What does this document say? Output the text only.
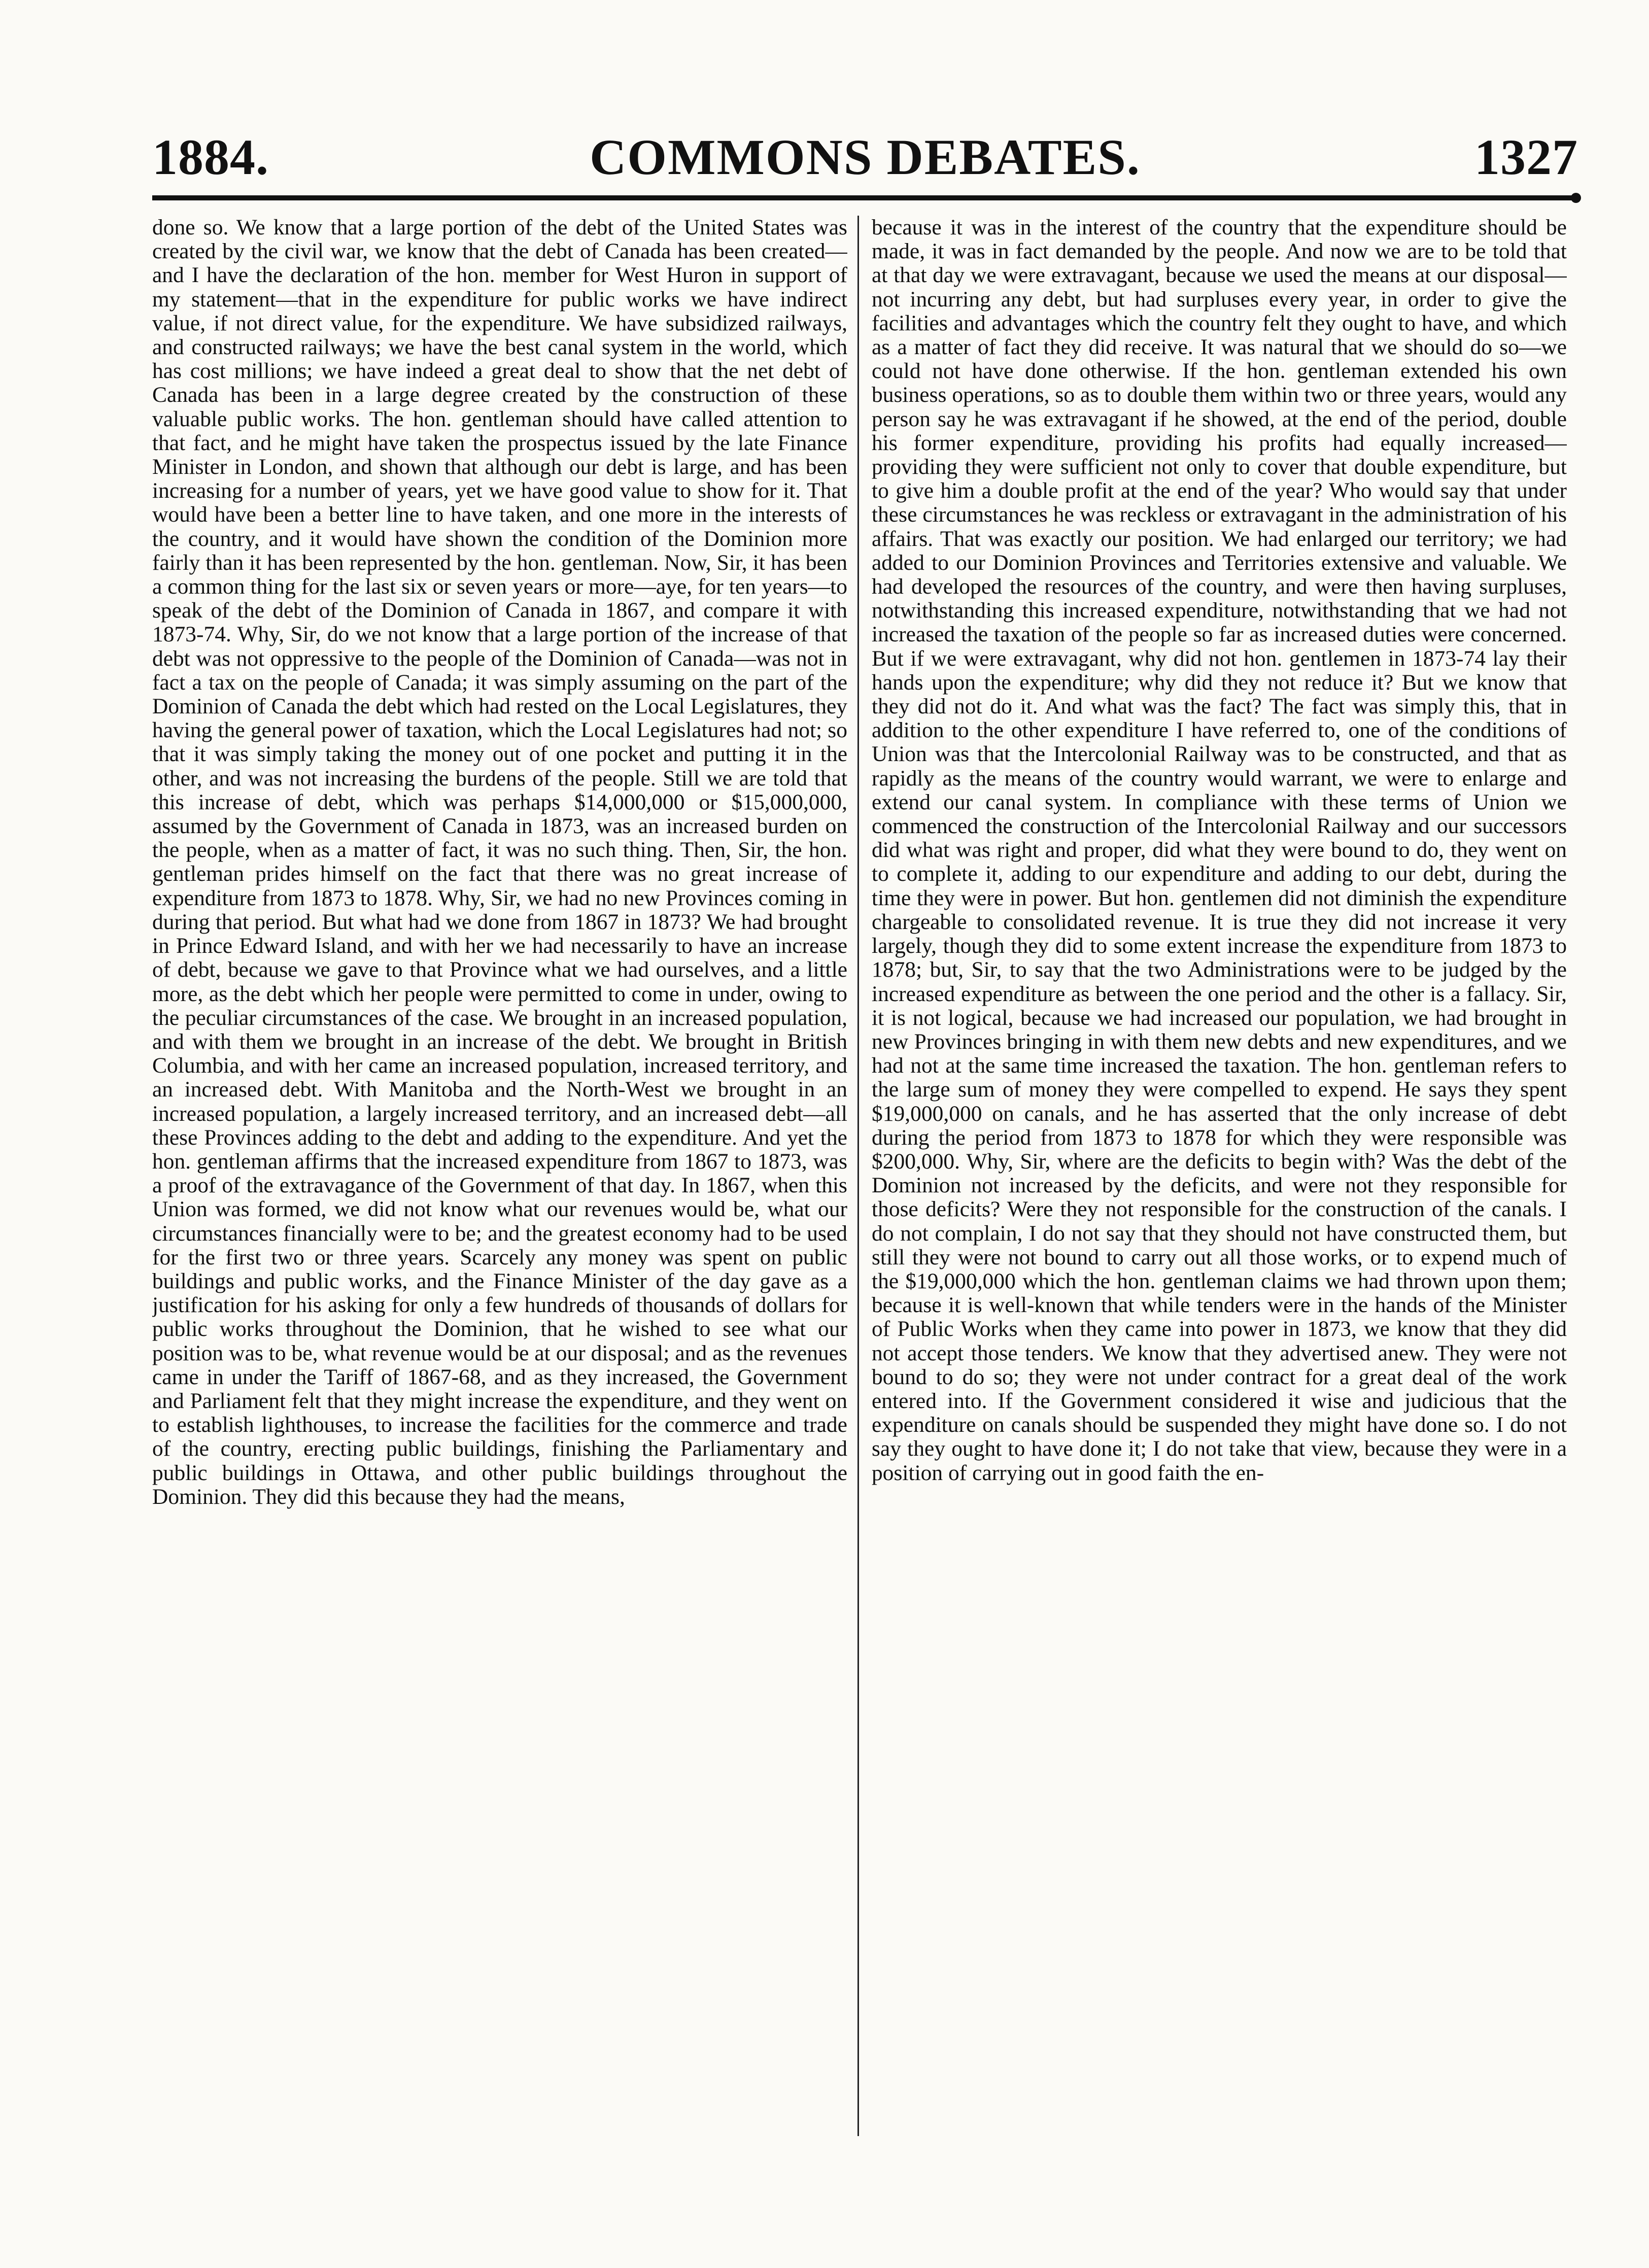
1884.	COMMONS DEBATES.	1327

done so. We know that a large portion of the debt of the United States was created by the civil war, we know that the debt of Canada has been created—and I have the declaration of the hon. member for West Huron in support of my statement—that in the expenditure for public works we have indirect value, if not direct value, for the expenditure. We have subsidized railways, and constructed railways; we have the best canal system in the world, which has cost millions; we have indeed a great deal to show that the net debt of Canada has been in a large degree created by the construction of these valuable public works. The hon. gentleman should have called attention to that fact, and he might have taken the prospectus issued by the late Finance Minister in London, and shown that although our debt is large, and has been increasing for a number of years, yet we have good value to show for it. That would have been a better line to have taken, and one more in the interests of the country, and it would have shown the condition of the Dominion more fairly than it has been represented by the hon. gentleman. Now, Sir, it has been a common thing for the last six or seven years or more—aye, for ten years—to speak of the debt of the Dominion of Canada in 1867, and compare it with 1873-74. Why, Sir, do we not know that a large portion of the increase of that debt was not oppressive to the people of the Dominion of Canada—was not in fact a tax on the people of Canada; it was simply assuming on the part of the Dominion of Canada the debt which had rested on the Local Legislatures, they having the general power of taxation, which the Local Legislatures had not; so that it was simply taking the money out of one pocket and putting it in the other, and was not increasing the burdens of the people. Still we are told that this increase of debt, which was perhaps $14,000,000 or $15,000,000, assumed by the Government of Canada in 1873, was an increased burden on the people, when as a matter of fact, it was no such thing. Then, Sir, the hon. gentleman prides himself on the fact that there was no great increase of expenditure from 1873 to 1878. Why, Sir, we had no new Provinces coming in during that period. But what had we done from 1867 in 1873? We had brought in Prince Edward Island, and with her we had necessarily to have an increase of debt, because we gave to that Province what we had ourselves, and a little more, as the debt which her people were permitted to come in under, owing to the peculiar circumstances of the case. We brought in an increased population, and with them we brought in an increase of the debt. We brought in British Columbia, and with her came an increased population, increased territory, and an increased debt. With Manitoba and the North-West we brought in an increased population, a largely increased territory, and an increased debt—all these Provinces adding to the debt and adding to the expenditure. And yet the hon. gentleman affirms that the increased expenditure from 1867 to 1873, was a proof of the extravagance of the Government of that day. In 1867, when this Union was formed, we did not know what our revenues would be, what our circumstances financially were to be; and the greatest economy had to be used for the first two or three years. Scarcely any money was spent on public buildings and public works, and the Finance Minister of the day gave as a justification for his asking for only a few hundreds of thousands of dollars for public works throughout the Dominion, that he wished to see what our position was to be, what revenue would be at our disposal; and as the revenues came in under the Tariff of 1867-68, and as they increased, the Government and Parliament felt that they might increase the expenditure, and they went on to establish lighthouses, to increase the facilities for the commerce and trade of the country, erecting public buildings, finishing the Parliamentary and public buildings in Ottawa, and other public buildings throughout the Dominion. They did this because they had the means,

because it was in the interest of the country that the expenditure should be made, it was in fact demanded by the people. And now we are to be told that at that day we were extravagant, because we used the means at our disposal—not incurring any debt, but had surpluses every year, in order to give the facilities and advantages which the country felt they ought to have, and which as a matter of fact they did receive. It was natural that we should do so—we could not have done otherwise. If the hon. gentleman extended his own business operations, so as to double them within two or three years, would any person say he was extravagant if he showed, at the end of the period, double his former expenditure, providing his profits had equally increased—providing they were sufficient not only to cover that double expenditure, but to give him a double profit at the end of the year? Who would say that under these circumstances he was reckless or extravagant in the administration of his affairs. That was exactly our position. We had enlarged our territory; we had added to our Dominion Provinces and Territories extensive and valuable. We had developed the resources of the country, and were then having surpluses, notwithstanding this increased expenditure, notwithstanding that we had not increased the taxation of the people so far as increased duties were concerned. But if we were extravagant, why did not hon. gentlemen in 1873-74 lay their hands upon the expenditure; why did they not reduce it? But we know that they did not do it. And what was the fact? The fact was simply this, that in addition to the other expenditure I have referred to, one of the conditions of Union was that the Intercolonial Railway was to be constructed, and that as rapidly as the means of the country would warrant, we were to enlarge and extend our canal system. In compliance with these terms of Union we commenced the construction of the Intercolonial Railway and our successors did what was right and proper, did what they were bound to do, they went on to complete it, adding to our expenditure and adding to our debt, during the time they were in power. But hon. gentlemen did not diminish the expenditure chargeable to consolidated revenue. It is true they did not increase it very largely, though they did to some extent increase the expenditure from 1873 to 1878; but, Sir, to say that the two Administrations were to be judged by the increased expenditure as between the one period and the other is a fallacy. Sir, it is not logical, because we had increased our population, we had brought in new Provinces bringing in with them new debts and new expenditures, and we had not at the same time increased the taxation. The hon. gentleman refers to the large sum of money they were compelled to expend. He says they spent $19,000,000 on canals, and he has asserted that the only increase of debt during the period from 1873 to 1878 for which they were responsible was $200,000. Why, Sir, where are the deficits to begin with? Was the debt of the Dominion not increased by the deficits, and were not they responsible for those deficits? Were they not responsible for the construction of the canals. I do not complain, I do not say that they should not have constructed them, but still they were not bound to carry out all those works, or to expend much of the $19,000,000 which the hon. gentleman claims we had thrown upon them; because it is well-known that while tenders were in the hands of the Minister of Public Works when they came into power in 1873, we know that they did not accept those tenders. We know that they advertised anew. They were not bound to do so; they were not under contract for a great deal of the work entered into. If the Government considered it wise and judicious that the expenditure on canals should be suspended they might have done so. I do not say they ought to have done it; I do not take that view, because they were in a position of carrying out in good faith the en-
